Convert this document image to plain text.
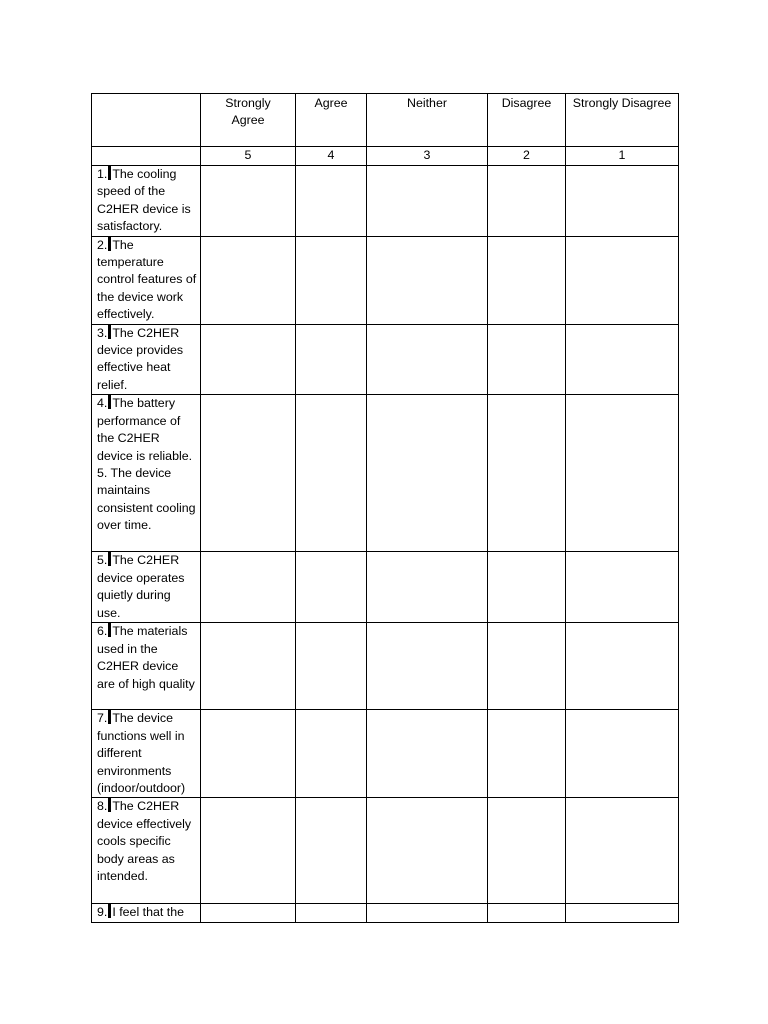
	Strongly Agree	Agree	Neither	Disagree	Strongly Disagree

	5	4	3	2	1

1. The cooling speed of the C2HER device is satisfactory.					

2. The temperature control features of the device work effectively.					

3. The C2HER device provides effective heat relief.					

4. The battery performance of the C2HER device is reliable.
5. The device maintains consistent cooling over time.					

5. The C2HER device operates quietly during use.					

6. The materials used in the C2HER device are of high quality					

7. The device functions well in different environments (indoor/outdoor)					

8. The C2HER device effectively cools specific body areas as intended.					

9. I feel that the					
